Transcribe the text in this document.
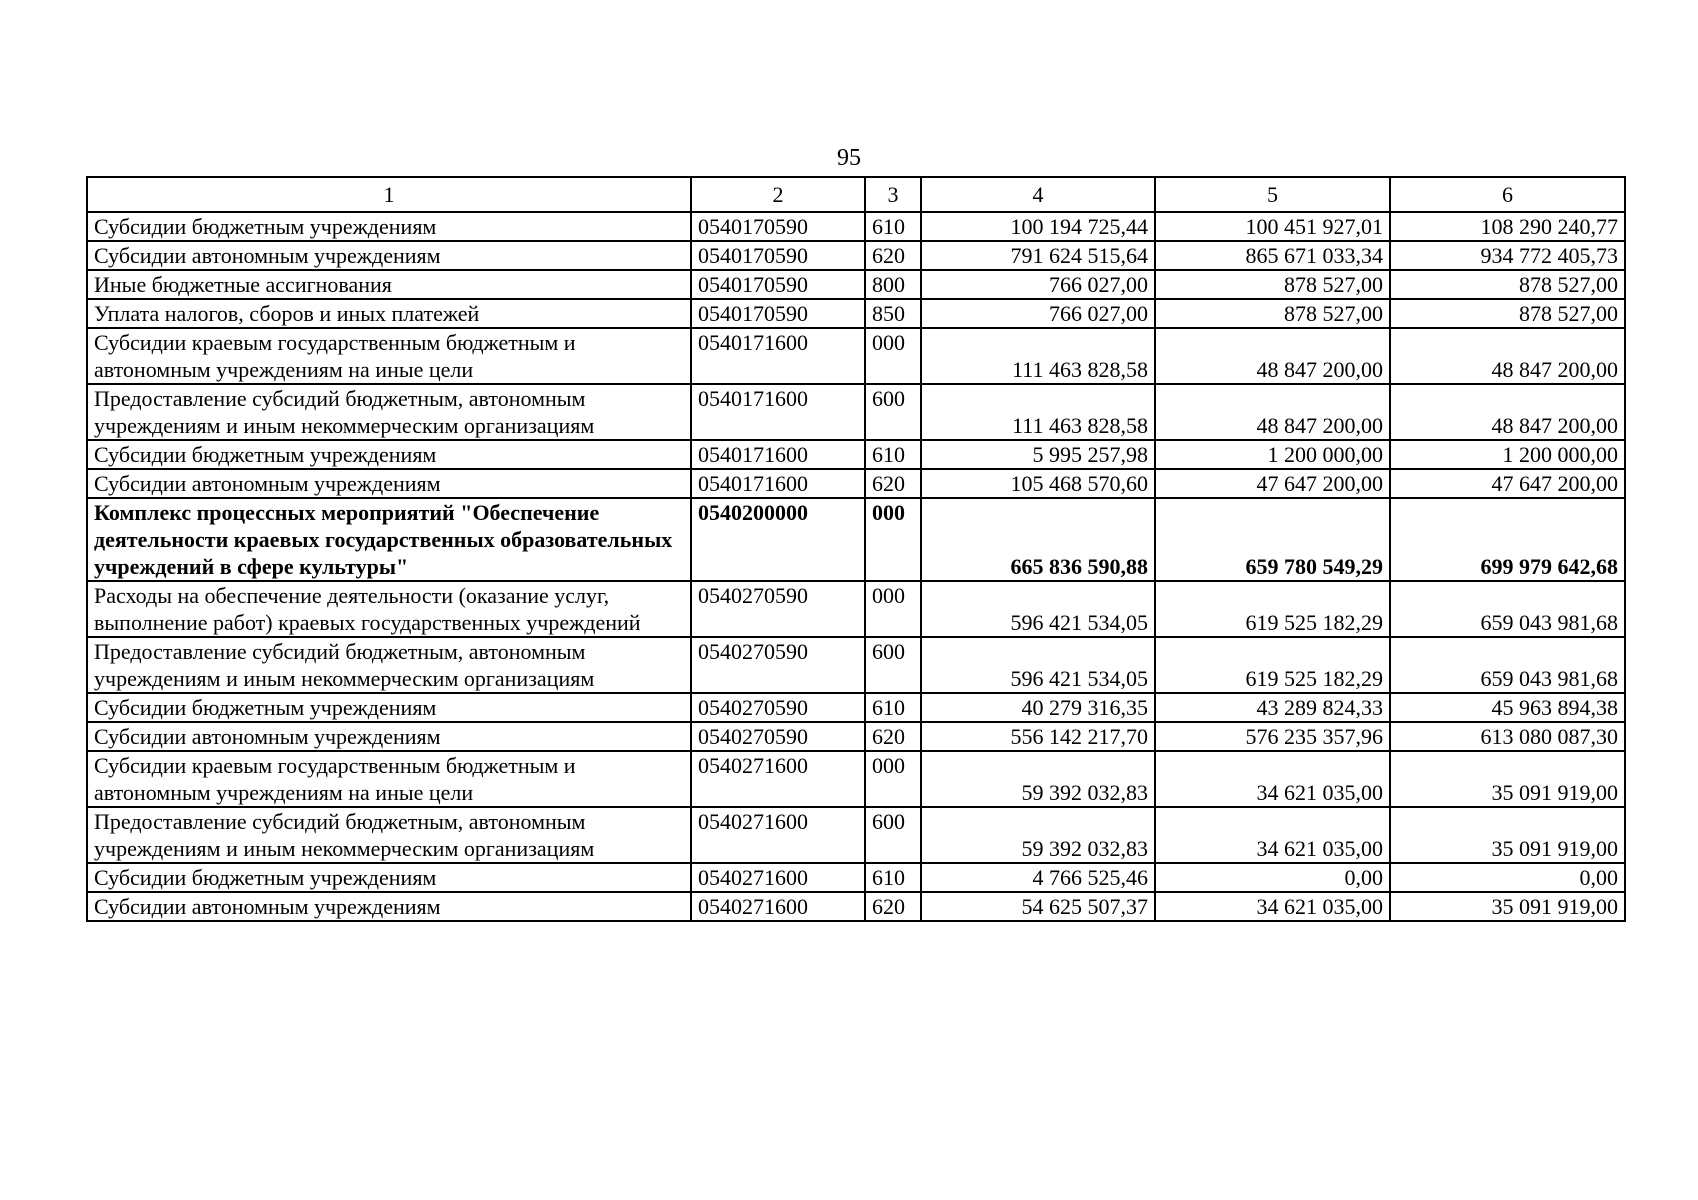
95
1	2	3	4	5	6
Субсидии бюджетным учреждениям	0540170590	610	100 194 725,44	100 451 927,01	108 290 240,77
Субсидии автономным учреждениям	0540170590	620	791 624 515,64	865 671 033,34	934 772 405,73
Иные бюджетные ассигнования	0540170590	800	766 027,00	878 527,00	878 527,00
Уплата налогов, сборов и иных платежей	0540170590	850	766 027,00	878 527,00	878 527,00
Субсидии краевым государственным бюджетным и автономным учреждениям на иные цели	0540171600	000	111 463 828,58	48 847 200,00	48 847 200,00
Предоставление субсидий бюджетным, автономным учреждениям и иным некоммерческим организациям	0540171600	600	111 463 828,58	48 847 200,00	48 847 200,00
Субсидии бюджетным учреждениям	0540171600	610	5 995 257,98	1 200 000,00	1 200 000,00
Субсидии автономным учреждениям	0540171600	620	105 468 570,60	47 647 200,00	47 647 200,00
Комплекс процессных мероприятий "Обеспечение деятельности краевых государственных образовательных учреждений в сфере культуры"	0540200000	000	665 836 590,88	659 780 549,29	699 979 642,68
Расходы на обеспечение деятельности (оказание услуг, выполнение работ) краевых государственных учреждений	0540270590	000	596 421 534,05	619 525 182,29	659 043 981,68
Предоставление субсидий бюджетным, автономным учреждениям и иным некоммерческим организациям	0540270590	600	596 421 534,05	619 525 182,29	659 043 981,68
Субсидии бюджетным учреждениям	0540270590	610	40 279 316,35	43 289 824,33	45 963 894,38
Субсидии автономным учреждениям	0540270590	620	556 142 217,70	576 235 357,96	613 080 087,30
Субсидии краевым государственным бюджетным и автономным учреждениям на иные цели	0540271600	000	59 392 032,83	34 621 035,00	35 091 919,00
Предоставление субсидий бюджетным, автономным учреждениям и иным некоммерческим организациям	0540271600	600	59 392 032,83	34 621 035,00	35 091 919,00
Субсидии бюджетным учреждениям	0540271600	610	4 766 525,46	0,00	0,00
Субсидии автономным учреждениям	0540271600	620	54 625 507,37	34 621 035,00	35 091 919,00
